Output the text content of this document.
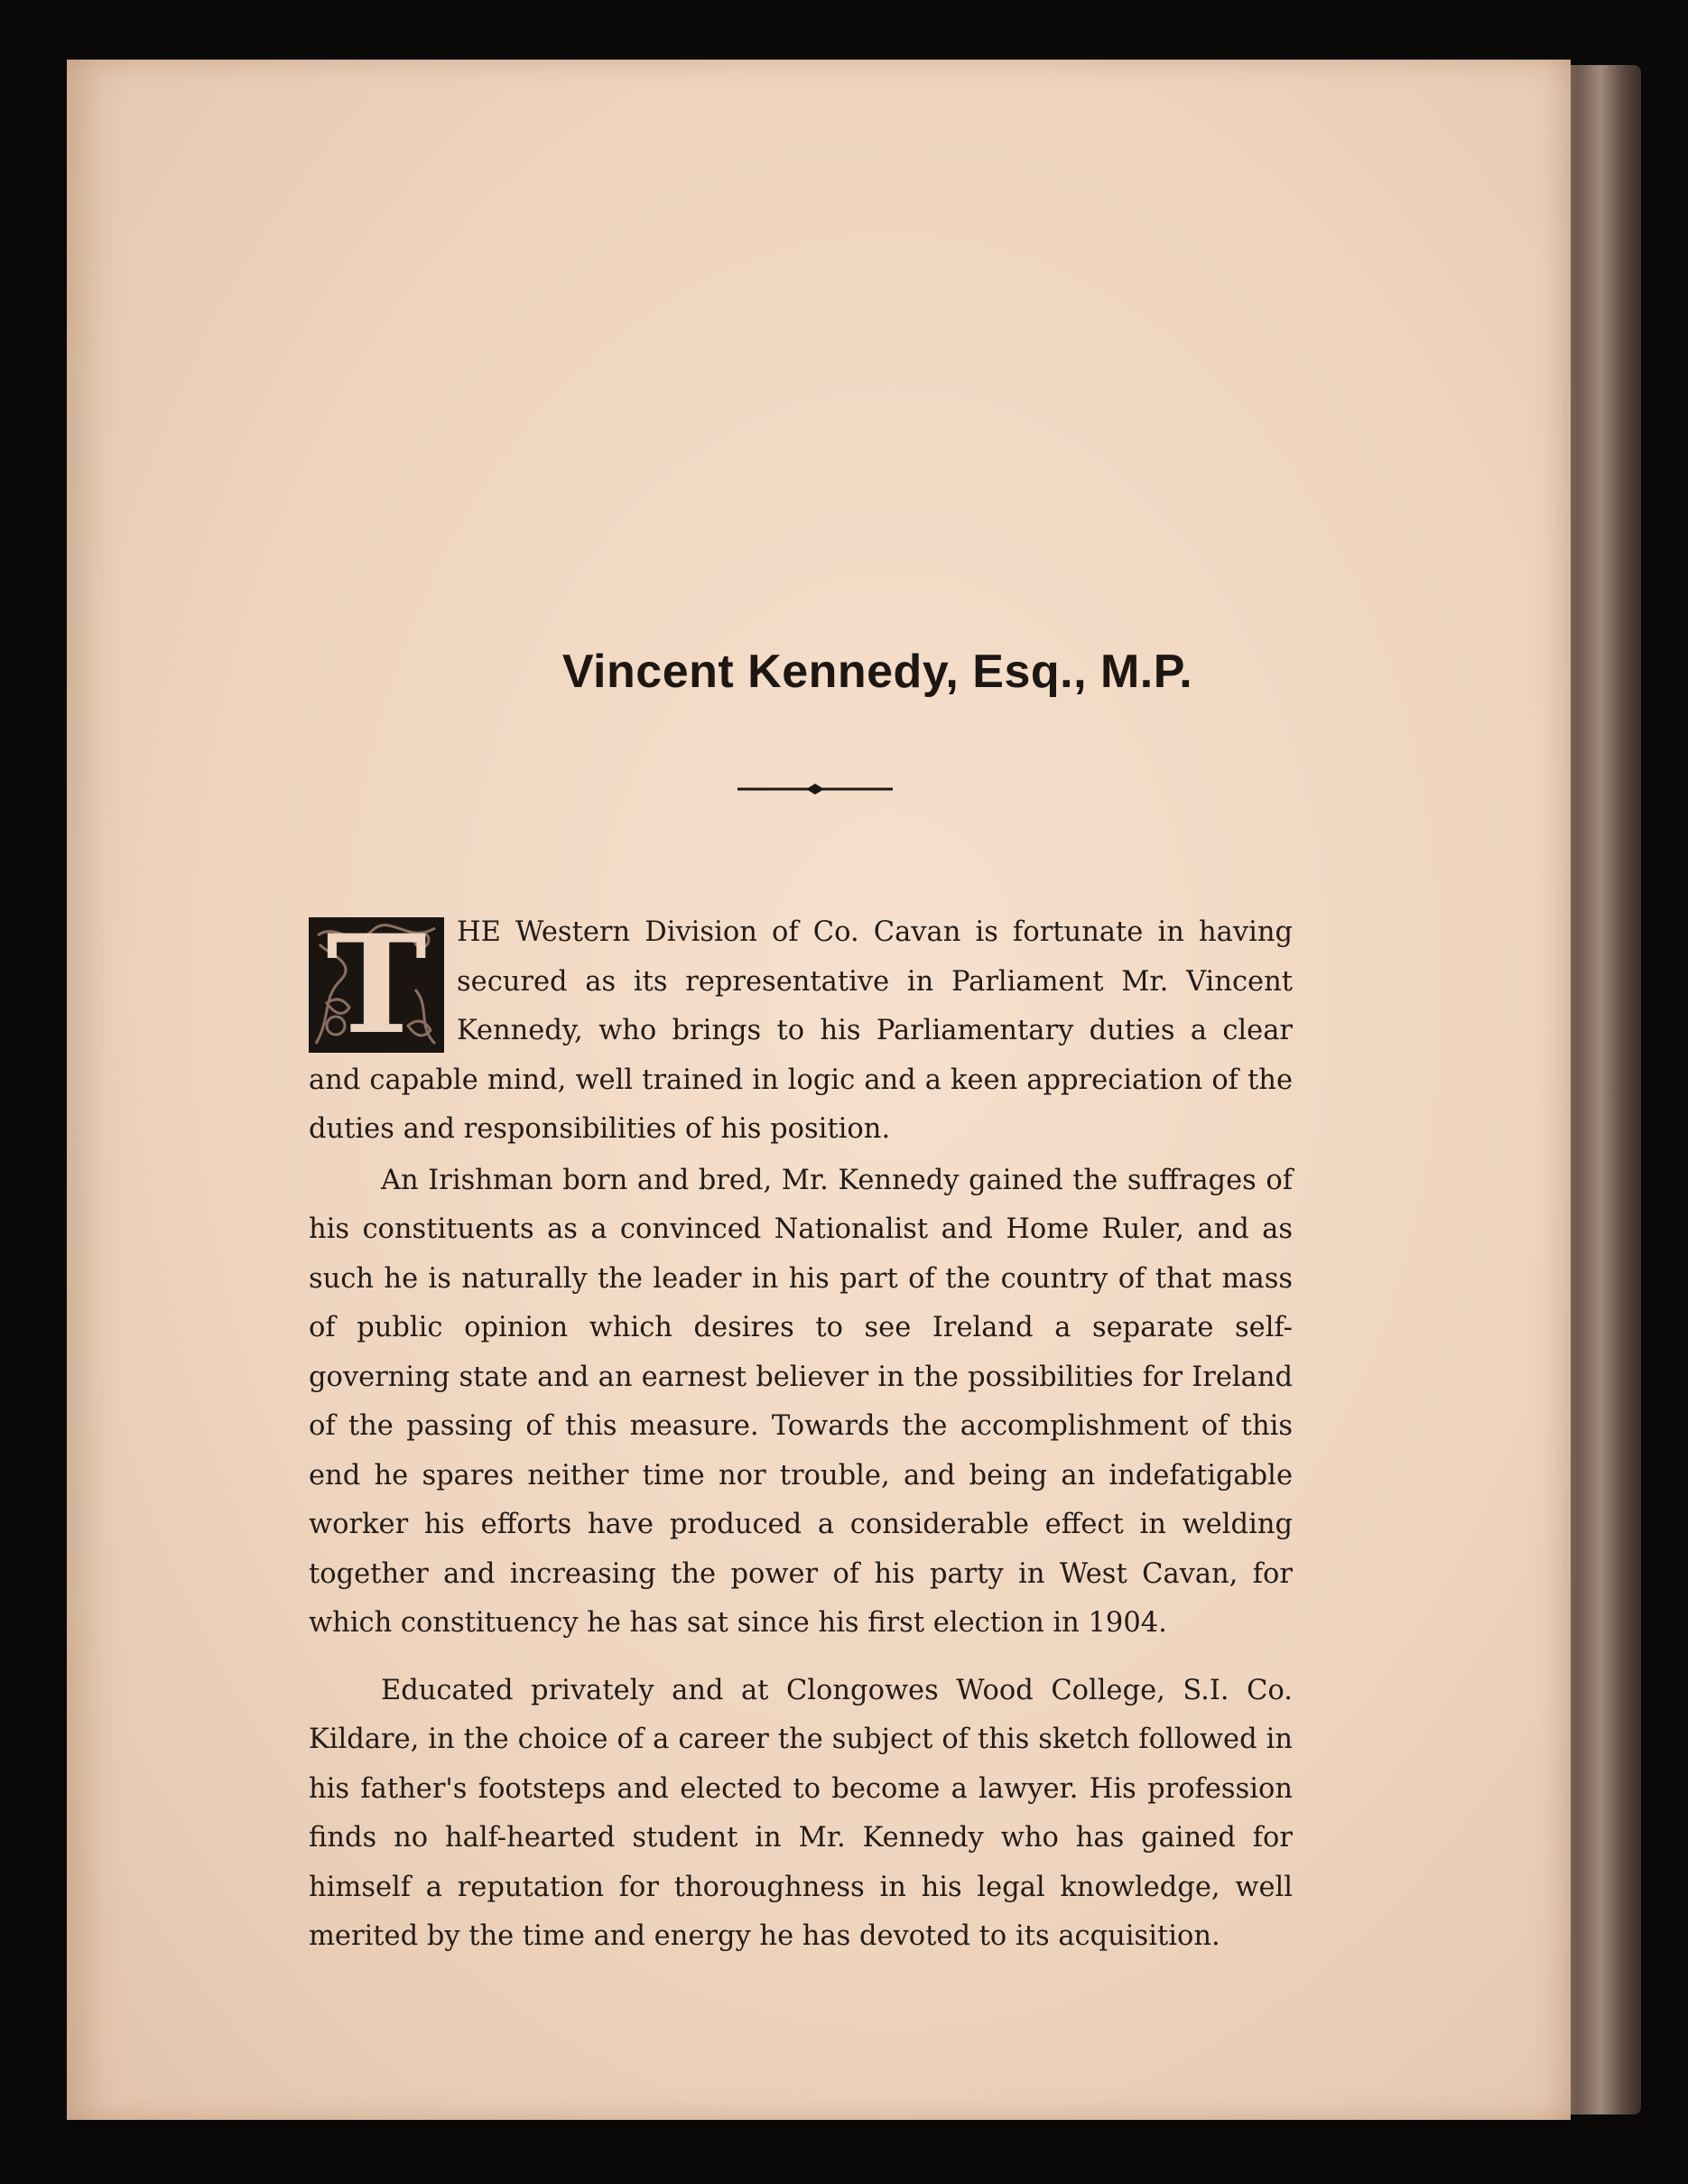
Vincent Kennedy, Esq., M.P.

T	HE Western Division of Co. Cavan is fortunate in having secured as its representative in Parliament Mr. Vincent Kennedy, who brings to his Parliamentary duties a clear and capable mind, well trained in logic and a keen appreciation of the duties and responsibilities of his position.

An Irishman born and bred, Mr. Kennedy gained the suffrages of his constituents as a convinced Nationalist and Home Ruler, and as such he is naturally the leader in his part of the country of that mass of public opinion which desires to see Ireland a separate self-governing state and an earnest believer in the possibilities for Ireland of the passing of this measure. Towards the accomplishment of this end he spares neither time nor trouble, and being an indefatigable worker his efforts have produced a considerable effect in welding together and increasing the power of his party in West Cavan, for which constituency he has sat since his first election in 1904.

Educated privately and at Clongowes Wood College, S.I. Co. Kildare, in the choice of a career the subject of this sketch followed in his father's footsteps and elected to become a lawyer. His profession finds no half-hearted student in Mr. Kennedy who has gained for himself a reputation for thoroughness in his legal knowledge, well merited by the time and energy he has devoted to its acquisition.
